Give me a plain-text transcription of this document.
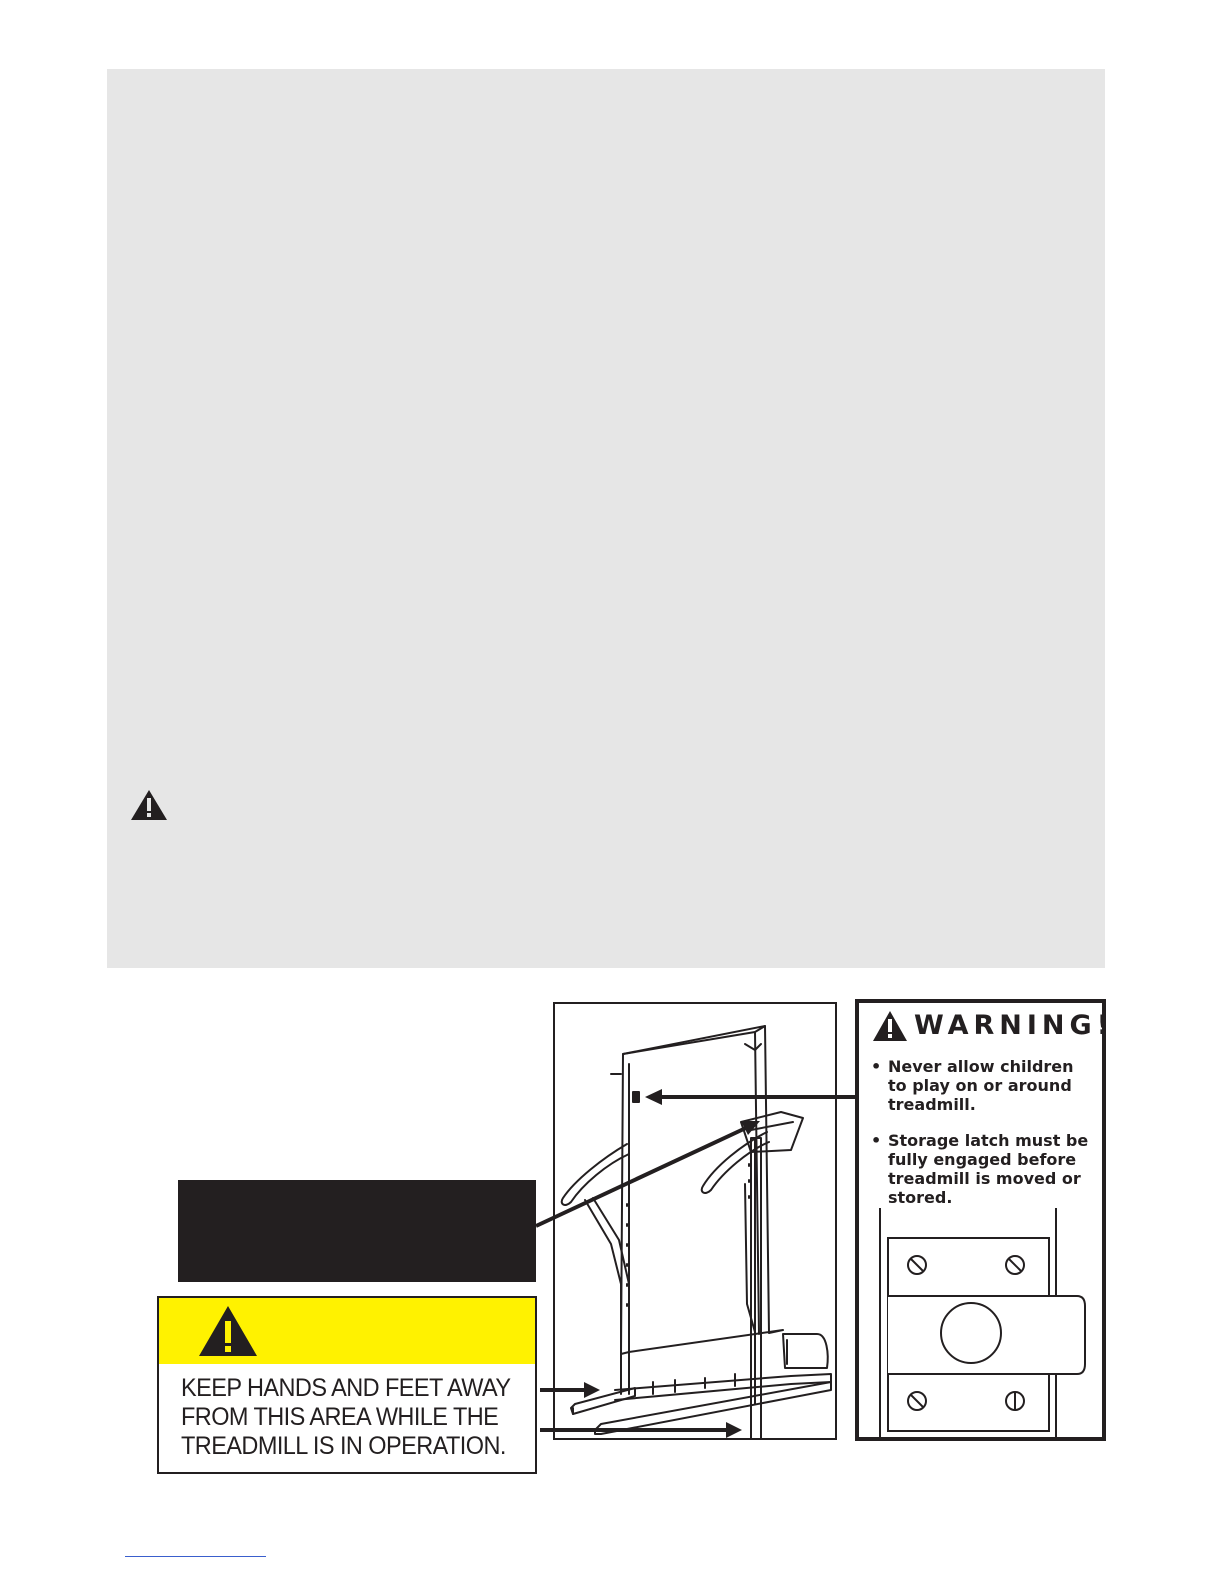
KEEP HANDS AND FEET AWAY
FROM THIS AREA WHILE THE
TREADMILL IS IN OPERATION.
WARNING!
• Never allow children
to play on or around
treadmill.
• Storage latch must be
fully engaged before
treadmill is moved or
stored.
